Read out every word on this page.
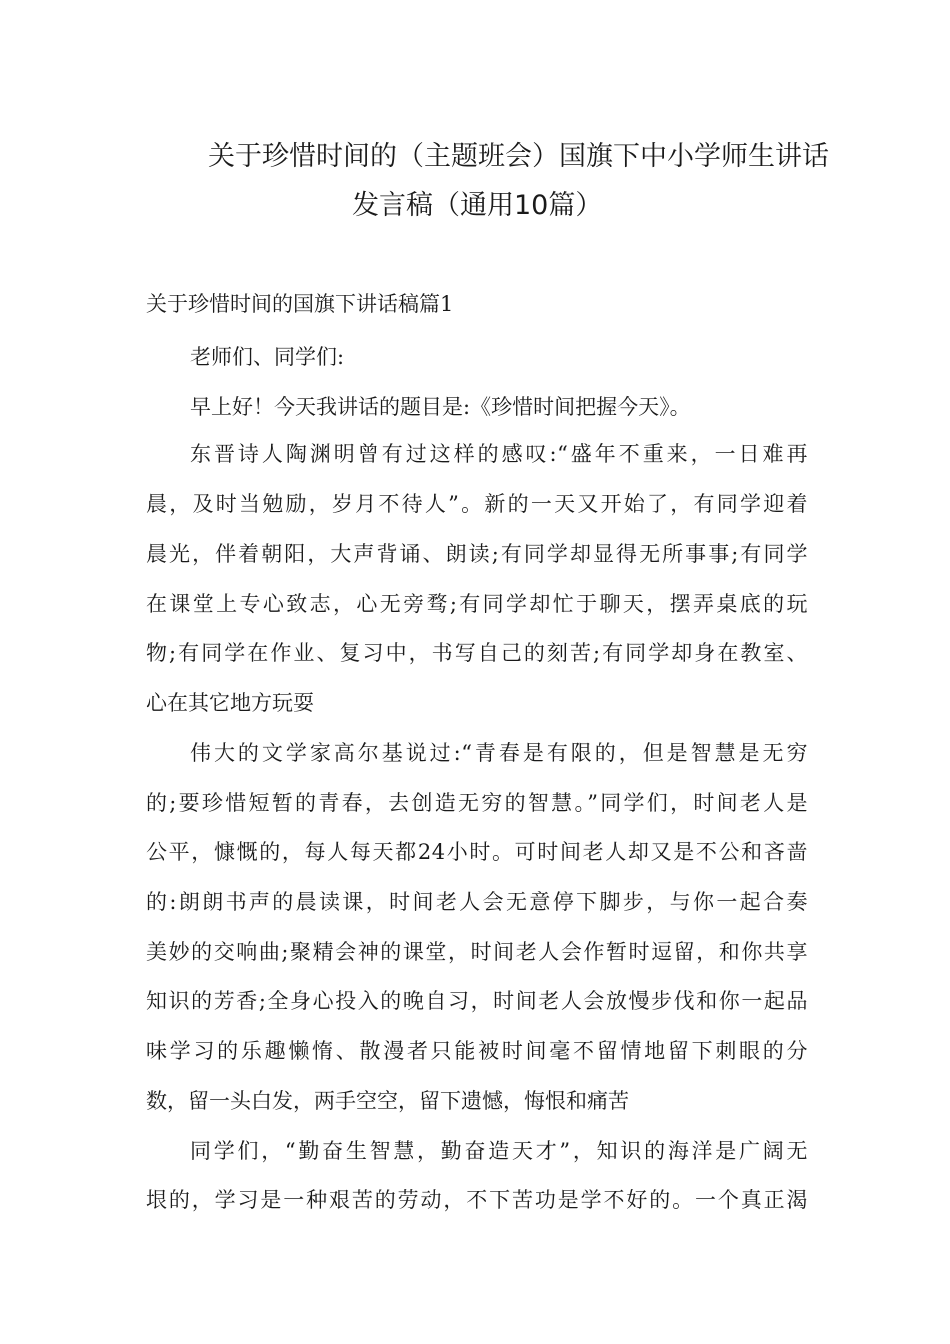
关于珍惜时间的（主题班会）国旗下中小学师生讲话
发言稿（通用10篇）

关于珍惜时间的国旗下讲话稿篇1

老师们、同学们:

早上好！今天我讲话的题目是:《珍惜时间把握今天》。

东晋诗人陶渊明曾有过这样的感叹:“盛年不重来，一日难再

晨，及时当勉励，岁月不待人”。新的一天又开始了，有同学迎着

晨光，伴着朝阳，大声背诵、朗读;有同学却显得无所事事;有同学

在课堂上专心致志，心无旁骛;有同学却忙于聊天，摆弄桌底的玩

物;有同学在作业、复习中，书写自己的刻苦;有同学却身在教室、

心在其它地方玩耍

伟大的文学家高尔基说过:“青春是有限的，但是智慧是无穷

的;要珍惜短暂的青春，去创造无穷的智慧。”同学们，时间老人是

公平，慷慨的，每人每天都24小时。可时间老人却又是不公和吝啬

的:朗朗书声的晨读课，时间老人会无意停下脚步，与你一起合奏

美妙的交响曲;聚精会神的课堂，时间老人会作暂时逗留，和你共享

知识的芳香;全身心投入的晚自习，时间老人会放慢步伐和你一起品

味学习的乐趣懒惰、散漫者只能被时间毫不留情地留下刺眼的分

数，留一头白发，两手空空，留下遗憾，悔恨和痛苦

同学们，“勤奋生智慧，勤奋造天才”，知识的海洋是广阔无

垠的，学习是一种艰苦的劳动，不下苦功是学不好的。一个真正渴
